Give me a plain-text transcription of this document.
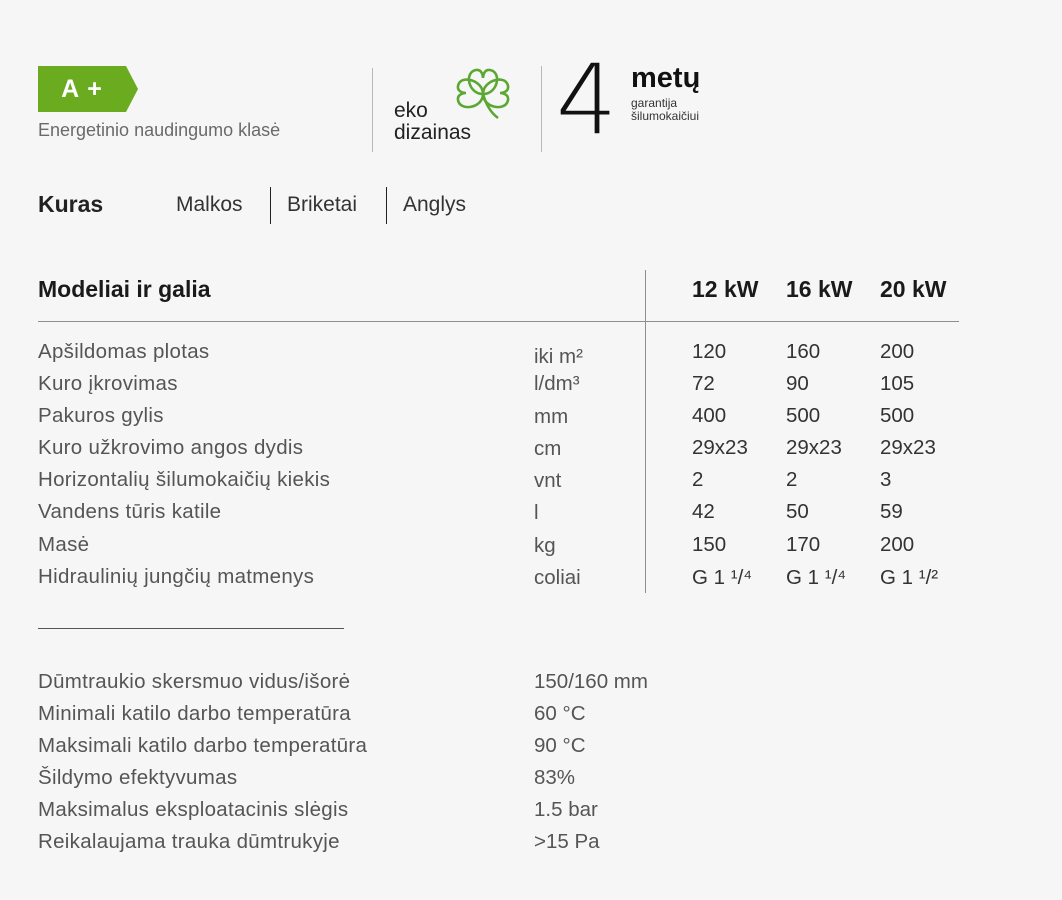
A +
Energetinio naudingumo klasė
eko
dizainas 4 metų
garantija
šilumokaičiui
Kuras	Malkos Briketai Anglys
Modeliai ir galia	12 kW 16 kW 20 kW
Apšildomas plotas	iki m²	120	160	200
Kuro įkrovimas	l/dm³	72	90	105
Pakuros gylis	mm	400	500	500
Kuro užkrovimo angos dydis	cm	29x23 29x23 29x23
Horizontalių šilumokaičių kiekis	vnt	2	2	3
Vandens tūris katile	l	42	50	59
Masė	kg	150	170	200
Hidraulinių jungčių matmenys	coliai	G 1 ¹/⁴ G 1 ¹/⁴ G 1 ¹/²
Dūmtraukio skersmuo vidus/išorė	150/160 mm
Minimali katilo darbo temperatūra	60 °C
Maksimali katilo darbo temperatūra	90 °C
Šildymo efektyvumas	83%
Maksimalus eksploatacinis slėgis	1.5 bar
Reikalaujama trauka dūmtrukyje	>15 Pa
